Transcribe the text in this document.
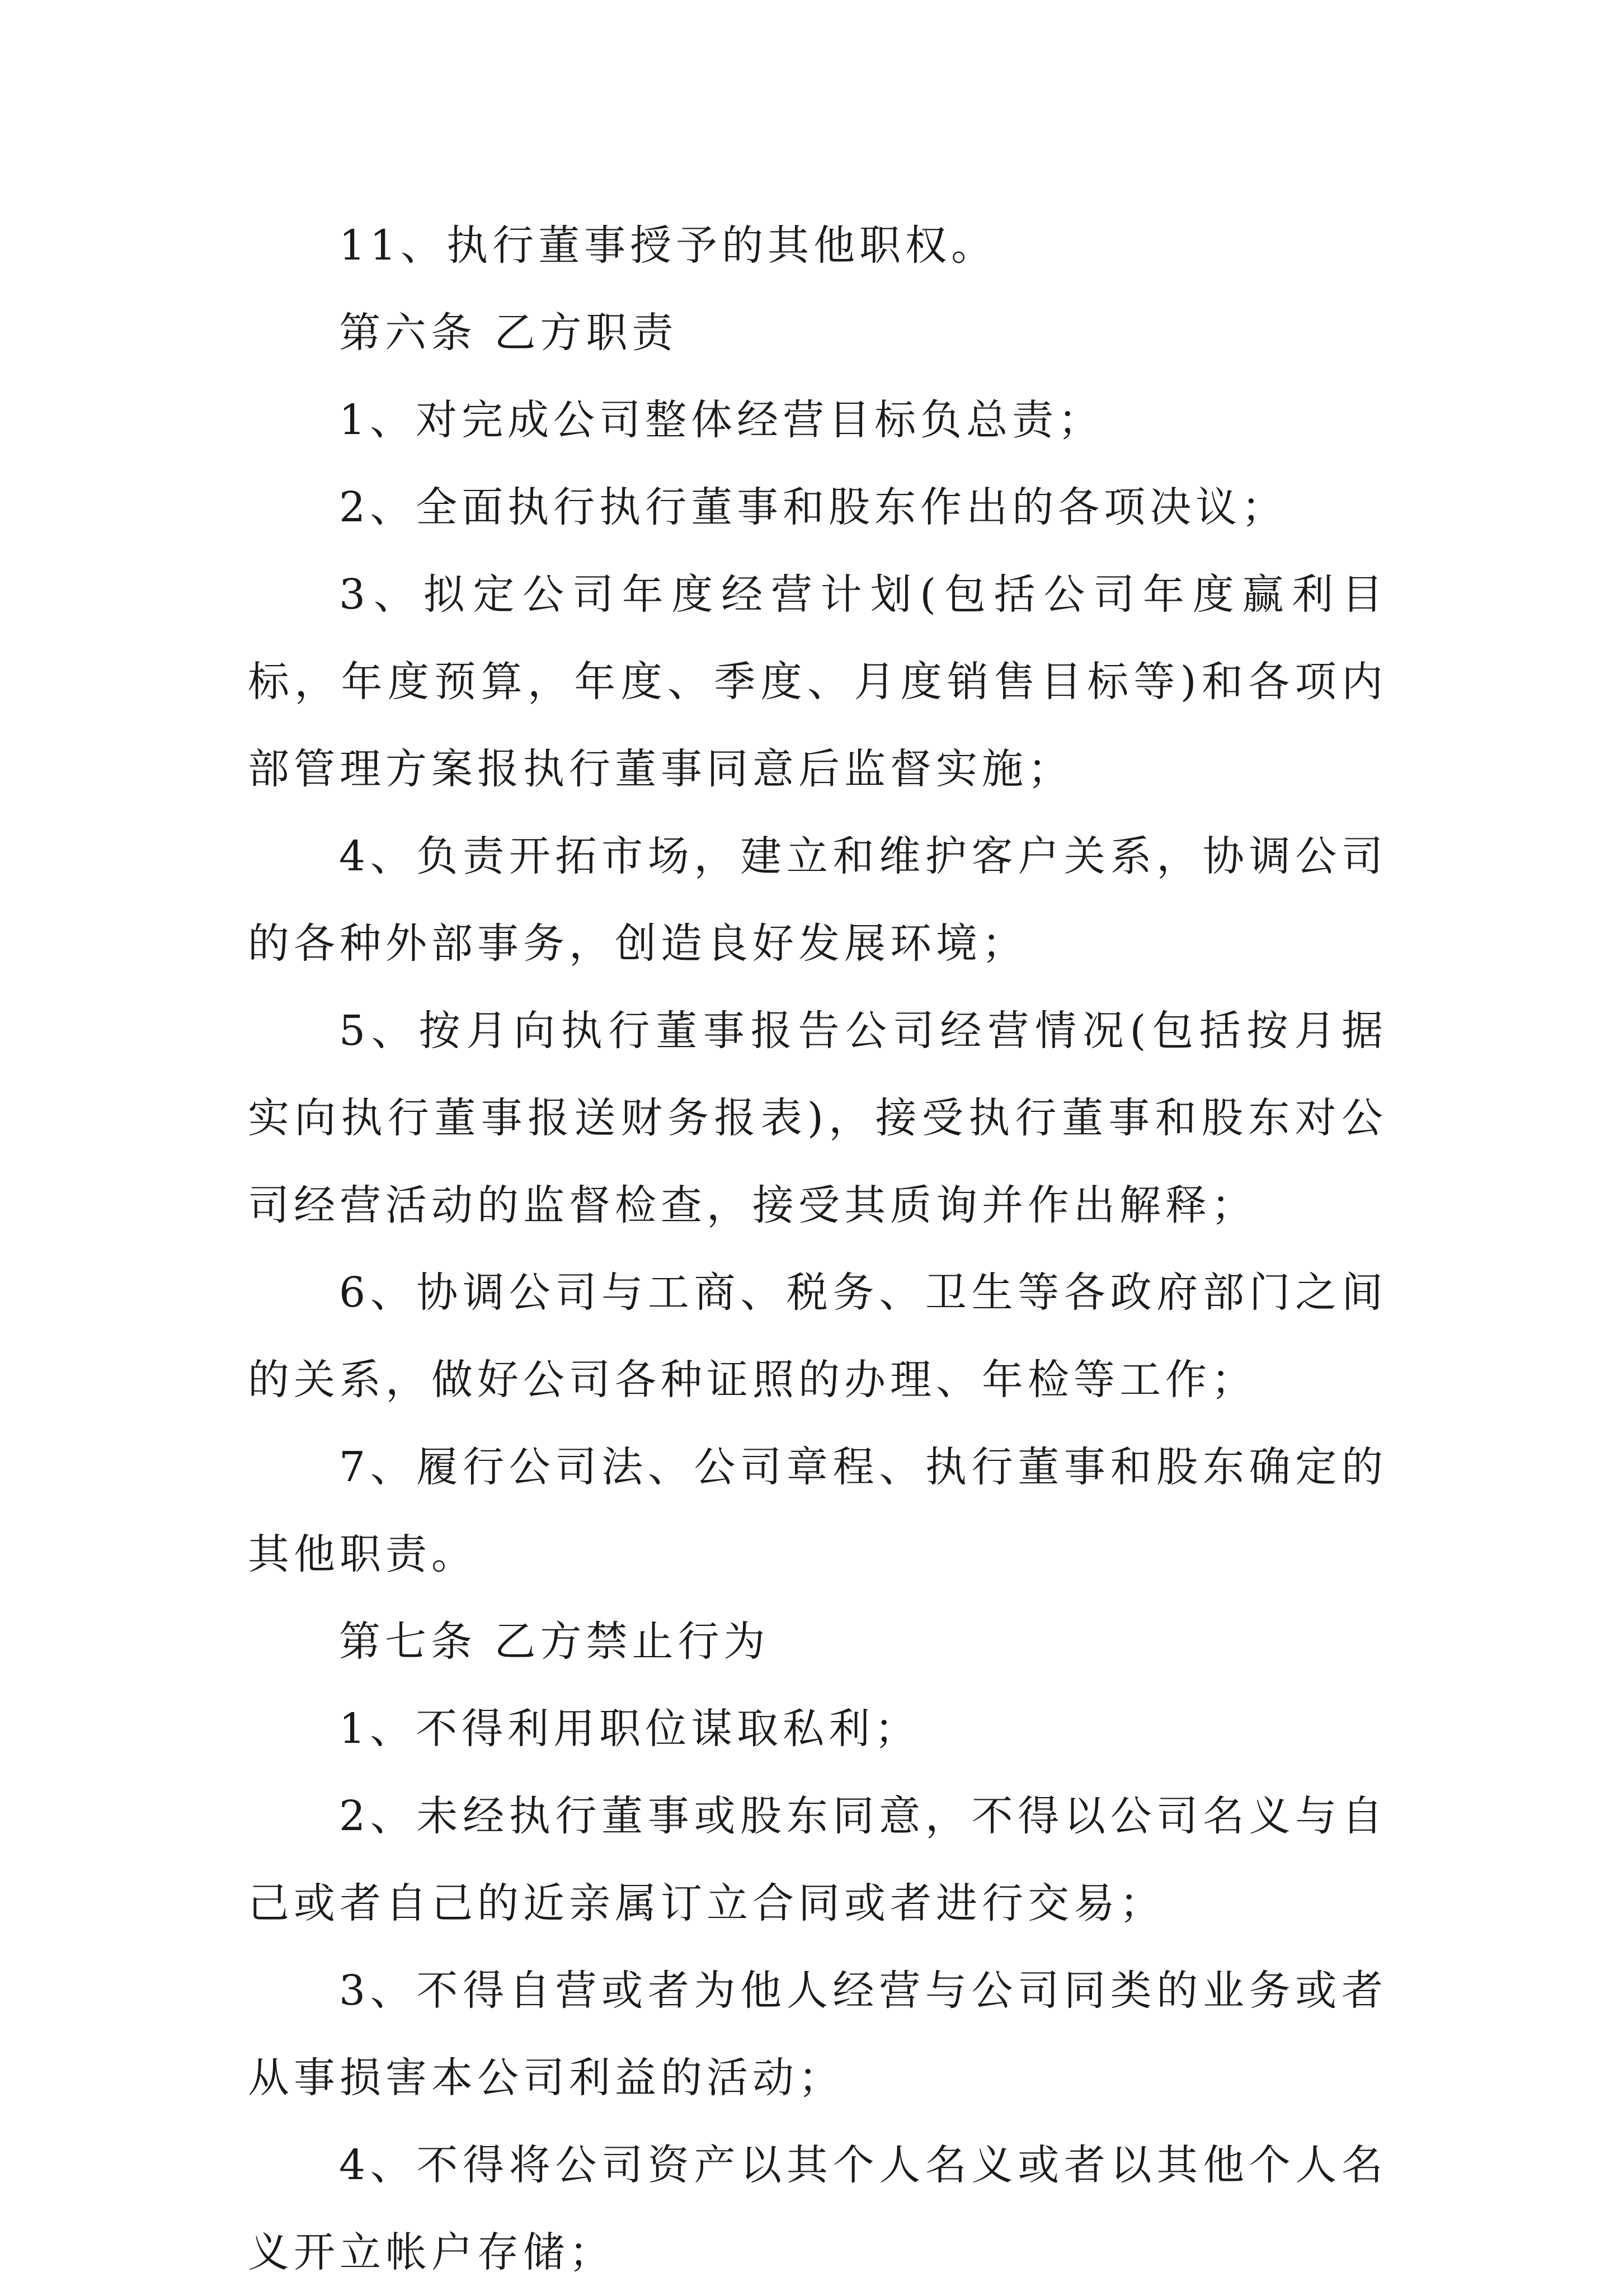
11、执行董事授予的其他职权。

第六条 乙方职责

1、对完成公司整体经营目标负总责；

2、全面执行执行董事和股东作出的各项决议；

3、拟定公司年度经营计划(包括公司年度赢利目标，年度预算，年度、季度、月度销售目标等)和各项内部管理方案报执行董事同意后监督实施；

4、负责开拓市场，建立和维护客户关系，协调公司的各种外部事务，创造良好发展环境；

5、按月向执行董事报告公司经营情况(包括按月据实向执行董事报送财务报表)，接受执行董事和股东对公司经营活动的监督检查，接受其质询并作出解释；

6、协调公司与工商、税务、卫生等各政府部门之间的关系，做好公司各种证照的办理、年检等工作；

7、履行公司法、公司章程、执行董事和股东确定的其他职责。

第七条 乙方禁止行为

1、不得利用职位谋取私利；

2、未经执行董事或股东同意，不得以公司名义与自己或者自己的近亲属订立合同或者进行交易；

3、不得自营或者为他人经营与公司同类的业务或者从事损害本公司利益的活动；

4、不得将公司资产以其个人名义或者以其他个人名义开立帐户存储；
